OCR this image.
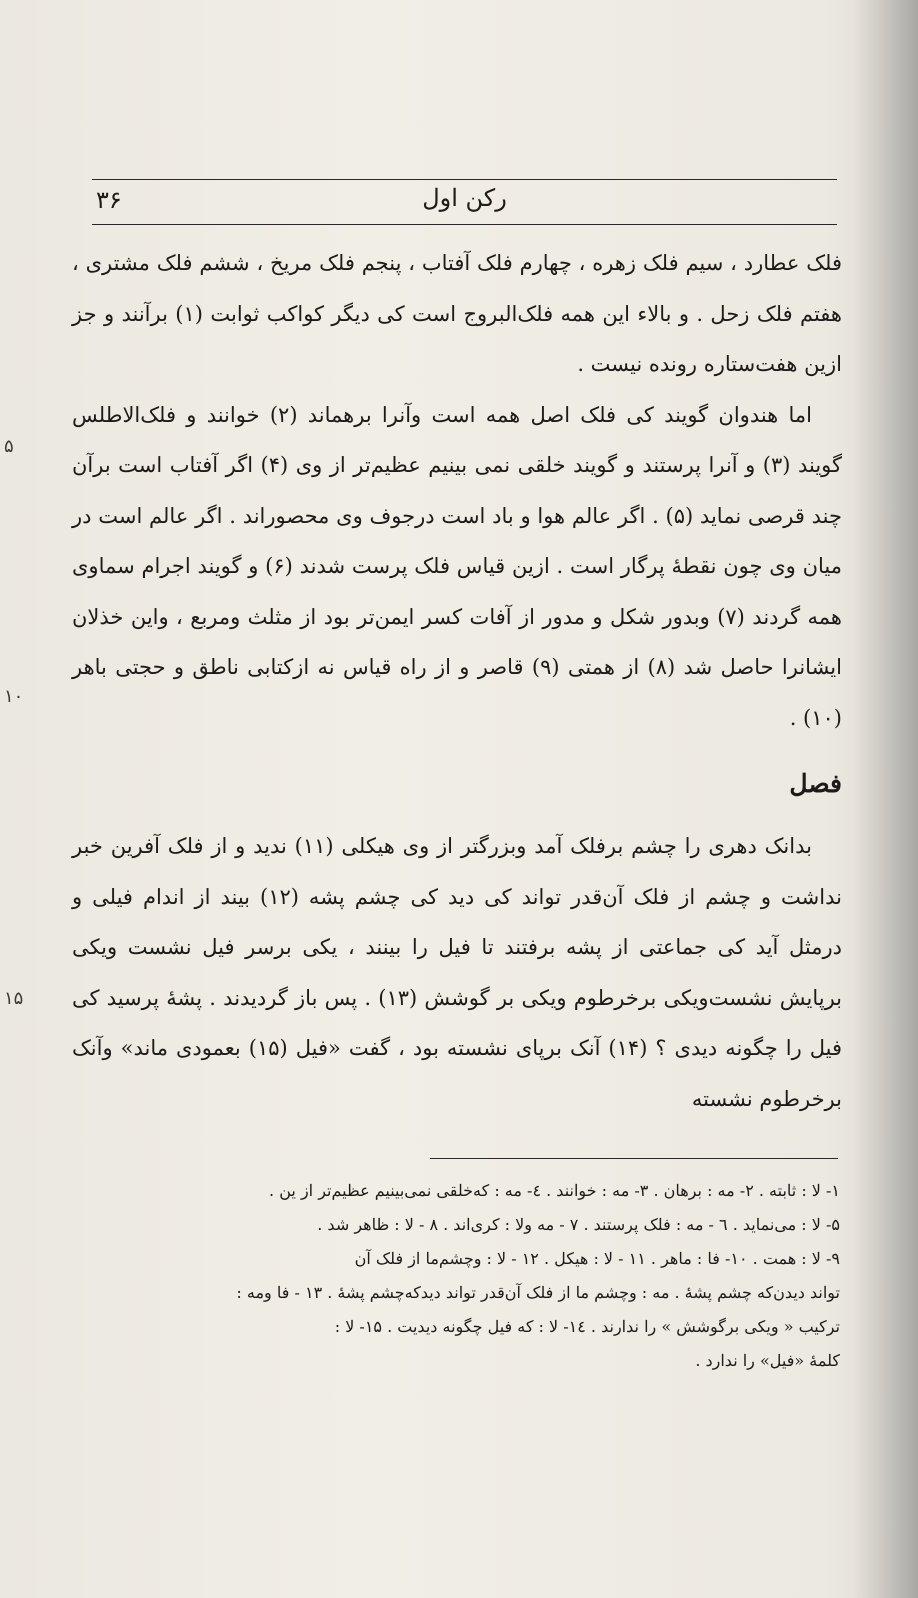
رکن اول
۳۶

فلک عطارد ، سیم فلک زهره ، چهارم فلک آفتاب ، پنجم فلک مریخ ، ششم فلک مشتری ، هفتم فلک زحل . و بالاء این همه فلک‌البروج است کی دیگر کواکب ثوابت (۱) برآنند و جز ازین هفت‌ستاره رونده نیست .

اما هندوان گویند کی فلک اصل همه است وآنرا برهماند (۲) خوانند و فلک‌الاطلس گویند (۳) و آنرا پرستند و گویند خلقی نمی بینیم عظیم‌تر از وی (۴) اگر آفتاب است برآن چند قرصی نماید (۵) . اگر عالم هوا و باد است درجوف وی محصوراند . اگر عالم است در میان وی چون نقطهٔ پرگار است . ازین قیاس فلک پرست شدند (۶) و گویند اجرام سماوی همه گردند (۷) وبدور شکل و مدور از آفات کسر ایمن‌تر بود از مثلث ومربع ، واین خذلان ایشانرا حاصل شد (۸) از همتی (۹) قاصر و از راه قیاس نه ازکتابی ناطق و حجتی باهر (۱۰) .

فصل

بدانک دهری را چشم برفلک آمد وبزرگتر از وی هیکلی (۱۱) ندید و از فلک آفرین خبر نداشت و چشم از فلک آن‌قدر تواند کی دید کی چشم پشه (۱۲) بیند از اندام فیلی و درمثل آید کی جماعتی از پشه برفتند تا فیل را بینند ، یکی برسر فیل نشست ویکی برپایش نشست‌ویکی برخرطوم ویکی بر گوشش (۱۳) . پس باز گردیدند . پشهٔ پرسید کی فیل را چگونه دیدی ؟ (۱۴) آنک برپای نشسته بود ، گفت «فیل (۱۵) بعمودی ماند» وآنک برخرطوم نشسته

۵
۱۰
۱۵

۱- لا : ثابته . ۲- مه : برهان . ۳- مه : خوانند . ٤- مه : که‌خلقی نمی‌بینیم عظیم‌تر از ین .

۵- لا : می‌نماید . ٦ - مه : فلک پرستند . ۷ - مه ولا : کری‌اند . ۸ - لا : ظاهر شد .

۹- لا : همت . ۱۰- فا : ماهر . ۱۱ - لا : هیکل . ۱۲ - لا : وچشم‌ما از فلک آن

تواند دیدن‌که چشم پشهٔ . مه : وچشم ما از فلک آن‌قدر تواند دید‌که‌چشم پشهٔ . ۱۳ - فا ومه :

ترکیب « ویکی برگوشش » را ندارند . ۱٤- لا : که فیل چگونه دیدیت . ۱۵- لا :

کلمهٔ «فیل» را ندارد .
